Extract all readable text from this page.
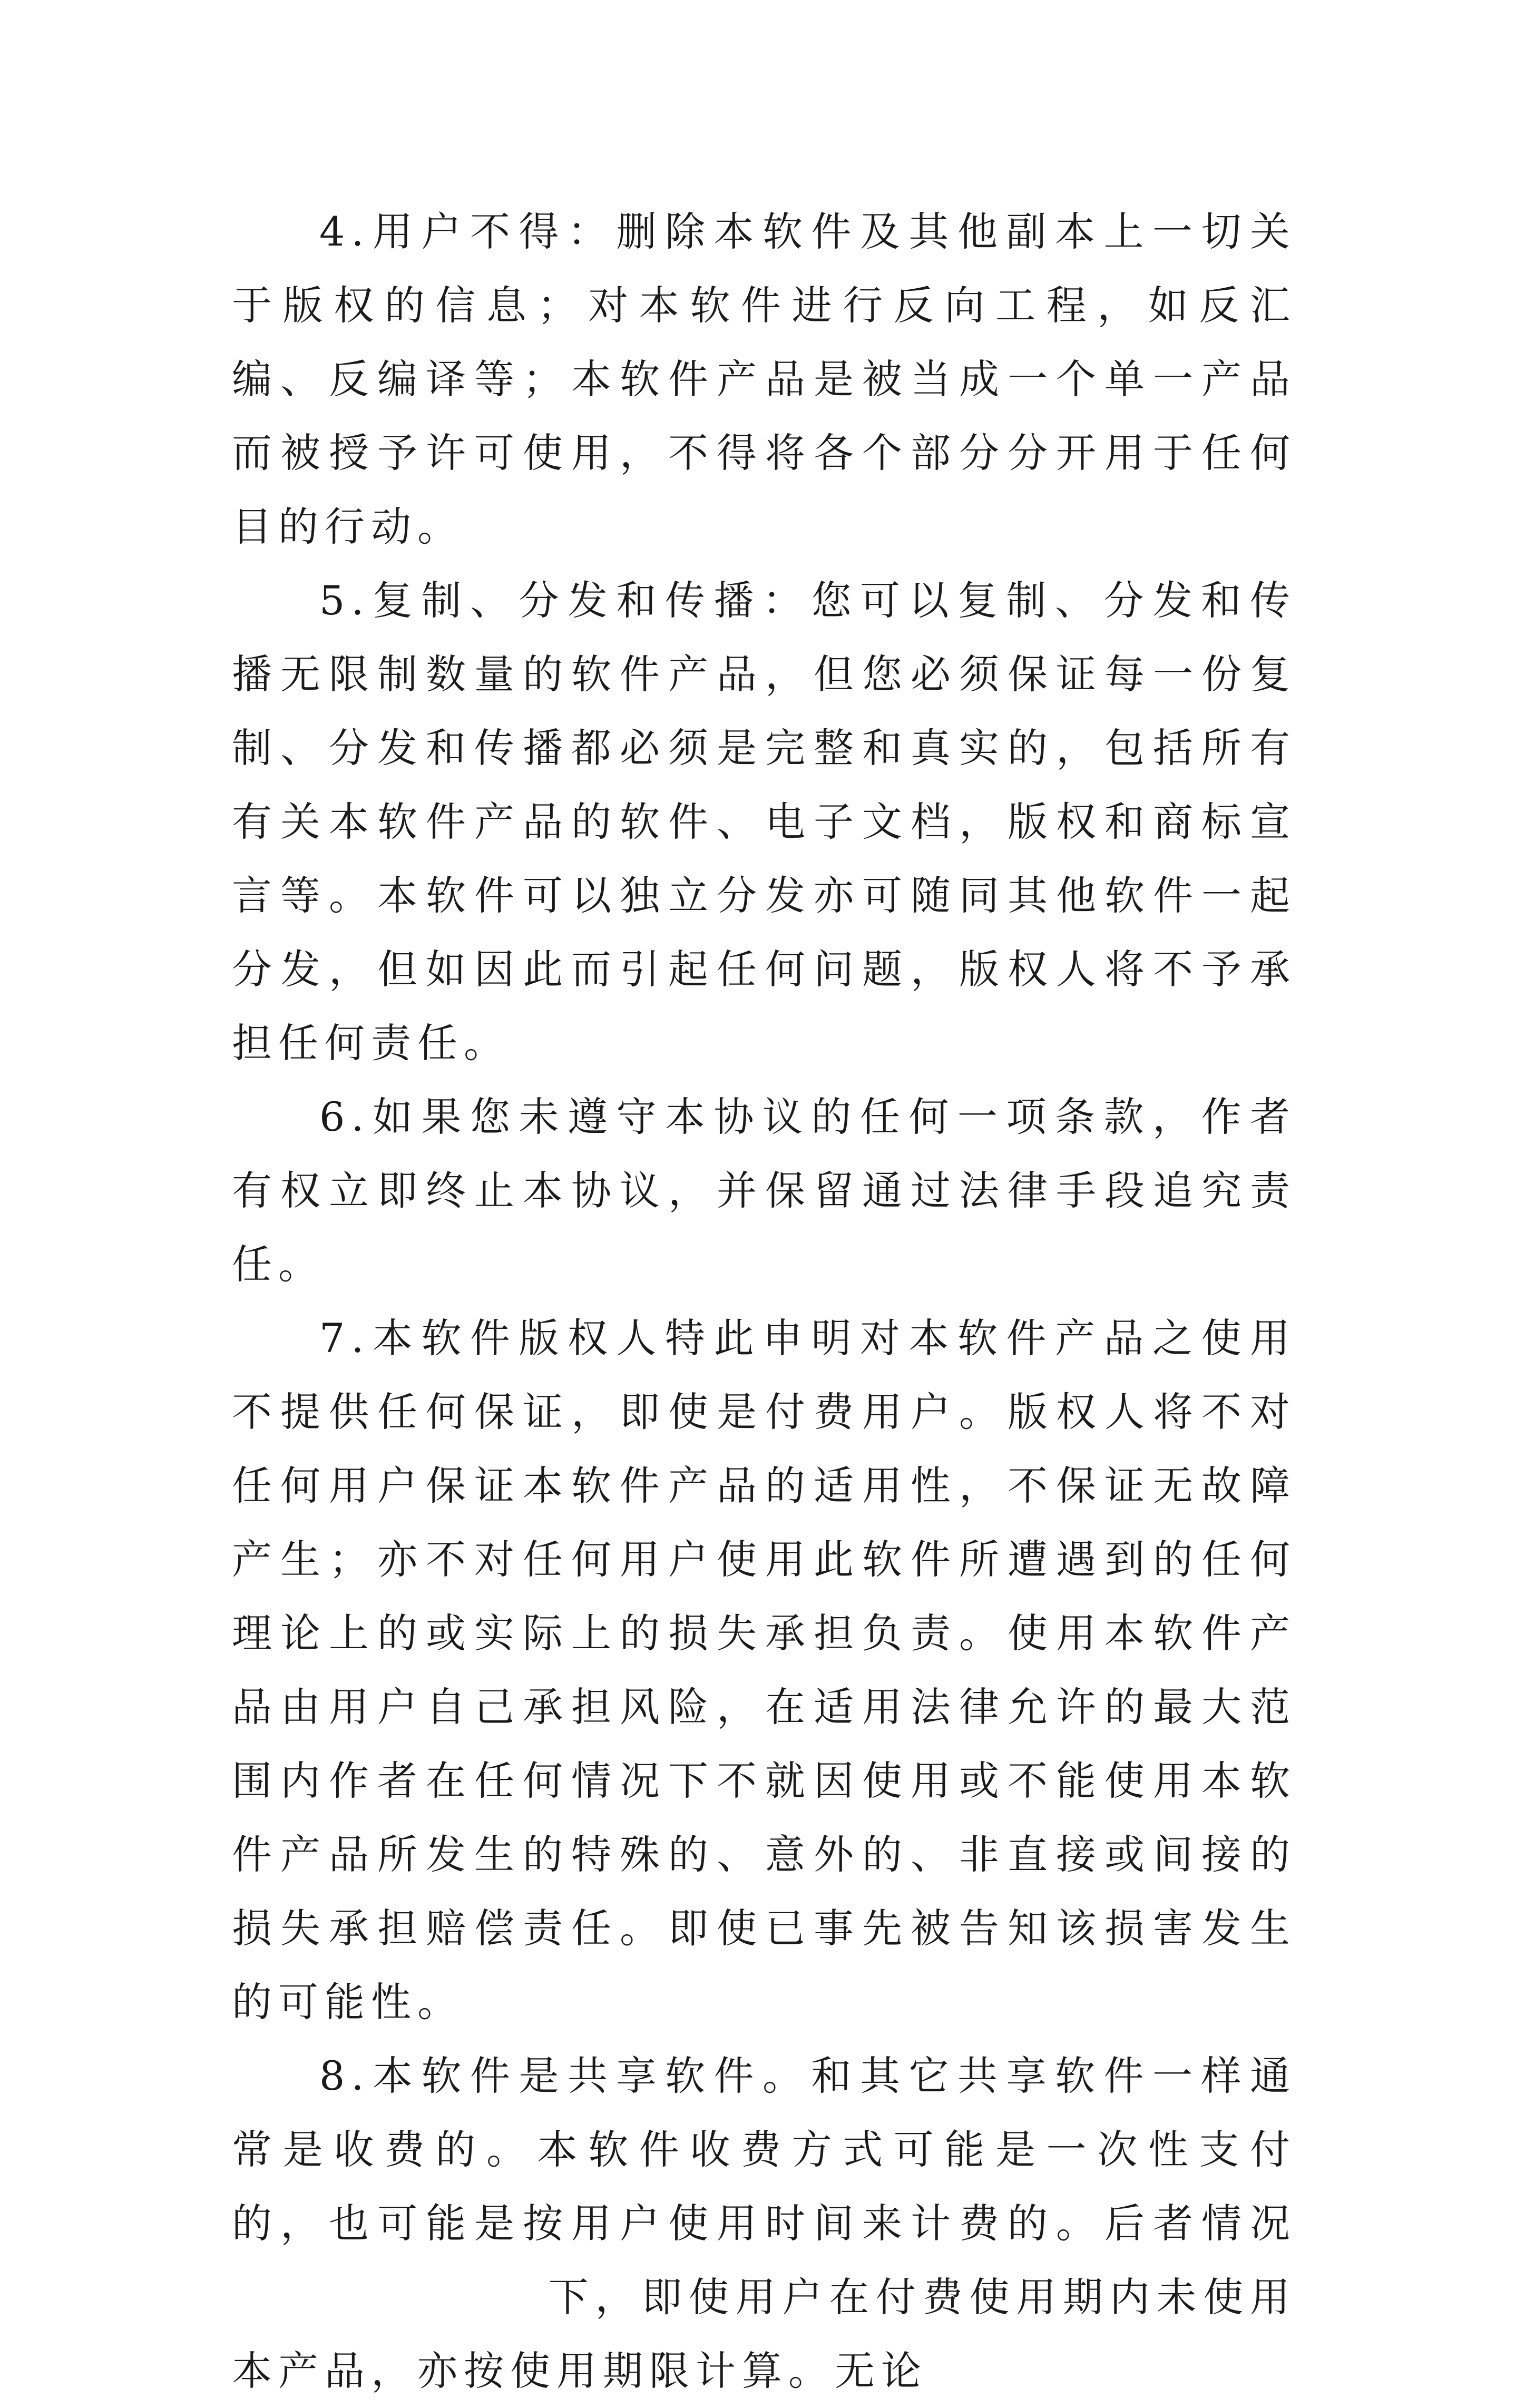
4.用户不得：删除本软件及其他副本上一切关于版权的信息；对本软件进行反向工程，如反汇编、反编译等；本软件产品是被当成一个单一产品而被授予许可使用，不得将各个部分分开用于任何目的行动。

5.复制、分发和传播：您可以复制、分发和传播无限制数量的软件产品，但您必须保证每一份复制、分发和传播都必须是完整和真实的，包括所有有关本软件产品的软件、电子文档，版权和商标宣言等。本软件可以独立分发亦可随同其他软件一起分发，但如因此而引起任何问题，版权人将不予承担任何责任。

6.如果您未遵守本协议的任何一项条款，作者有权立即终止本协议，并保留通过法律手段追究责任。

7.本软件版权人特此申明对本软件产品之使用不提供任何保证，即使是付费用户。版权人将不对任何用户保证本软件产品的适用性，不保证无故障产生；亦不对任何用户使用此软件所遭遇到的任何理论上的或实际上的损失承担负责。使用本软件产品由用户自己承担风险，在适用法律允许的最大范围内作者在任何情况下不就因使用或不能使用本软件产品所发生的特殊的、意外的、非直接或间接的损失承担赔偿责任。即使已事先被告知该损害发生的可能性。

8.本软件是共享软件。和其它共享软件一样通常是收费的。本软件收费方式可能是一次性支付的，也可能是按用户使用时间来计费的。后者情况下，即使用户在付费使用期内未使用本产品，亦按使用期限计算。无论
